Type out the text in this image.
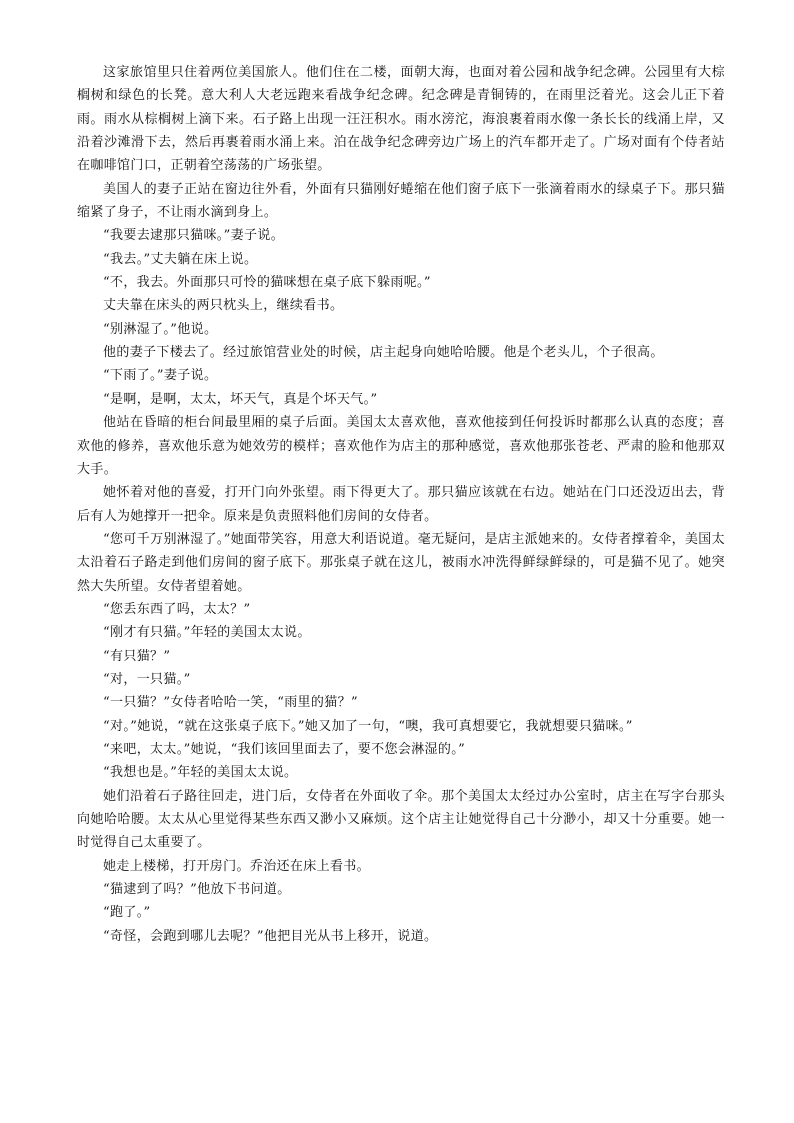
这家旅馆里只住着两位美国旅人。他们住在二楼，面朝大海，也面对着公园和战争纪念碑。公园里有大棕榈树和绿色的长凳。意大利人大老远跑来看战争纪念碑。纪念碑是青铜铸的，在雨里泛着光。这会儿正下着雨。雨水从棕榈树上滴下来。石子路上出现一汪汪积水。雨水滂沱，海浪裹着雨水像一条长长的线涌上岸，又沿着沙滩滑下去，然后再裹着雨水涌上来。泊在战争纪念碑旁边广场上的汽车都开走了。广场对面有个侍者站在咖啡馆门口，正朝着空荡荡的广场张望。

美国人的妻子正站在窗边往外看，外面有只猫刚好蜷缩在他们窗子底下一张滴着雨水的绿桌子下。那只猫缩紧了身子，不让雨水滴到身上。

“我要去逮那只猫咪。”妻子说。

“我去。”丈夫躺在床上说。

“不，我去。外面那只可怜的猫咪想在桌子底下躲雨呢。”

丈夫靠在床头的两只枕头上，继续看书。

“别淋湿了。”他说。

他的妻子下楼去了。经过旅馆营业处的时候，店主起身向她哈哈腰。他是个老头儿，个子很高。

“下雨了。”妻子说。

“是啊，是啊，太太，坏天气，真是个坏天气。”

他站在昏暗的柜台间最里厢的桌子后面。美国太太喜欢他，喜欢他接到任何投诉时都那么认真的态度；喜欢他的修养，喜欢他乐意为她效劳的模样；喜欢他作为店主的那种感觉，喜欢他那张苍老、严肃的脸和他那双大手。

她怀着对他的喜爱，打开门向外张望。雨下得更大了。那只猫应该就在右边。她站在门口还没迈出去，背后有人为她撑开一把伞。原来是负责照料他们房间的女侍者。

“您可千万别淋湿了。”她面带笑容，用意大利语说道。毫无疑问，是店主派她来的。女侍者撑着伞，美国太太沿着石子路走到他们房间的窗子底下。那张桌子就在这儿，被雨水冲洗得鲜绿鲜绿的，可是猫不见了。她突然大失所望。女侍者望着她。

“您丢东西了吗，太太？”

“刚才有只猫。”年轻的美国太太说。

“有只猫？”

“对，一只猫。”

“一只猫？”女侍者哈哈一笑，“雨里的猫？”

“对。”她说，“就在这张桌子底下。”她又加了一句，“噢，我可真想要它，我就想要只猫咪。”

“来吧，太太。”她说，“我们该回里面去了，要不您会淋湿的。”

“我想也是。”年轻的美国太太说。

她们沿着石子路往回走，进门后，女侍者在外面收了伞。那个美国太太经过办公室时，店主在写字台那头向她哈哈腰。太太从心里觉得某些东西又渺小又麻烦。这个店主让她觉得自己十分渺小，却又十分重要。她一时觉得自己太重要了。

她走上楼梯，打开房门。乔治还在床上看书。

“猫逮到了吗？”他放下书问道。

“跑了。”

“奇怪，会跑到哪儿去呢？”他把目光从书上移开，说道。
